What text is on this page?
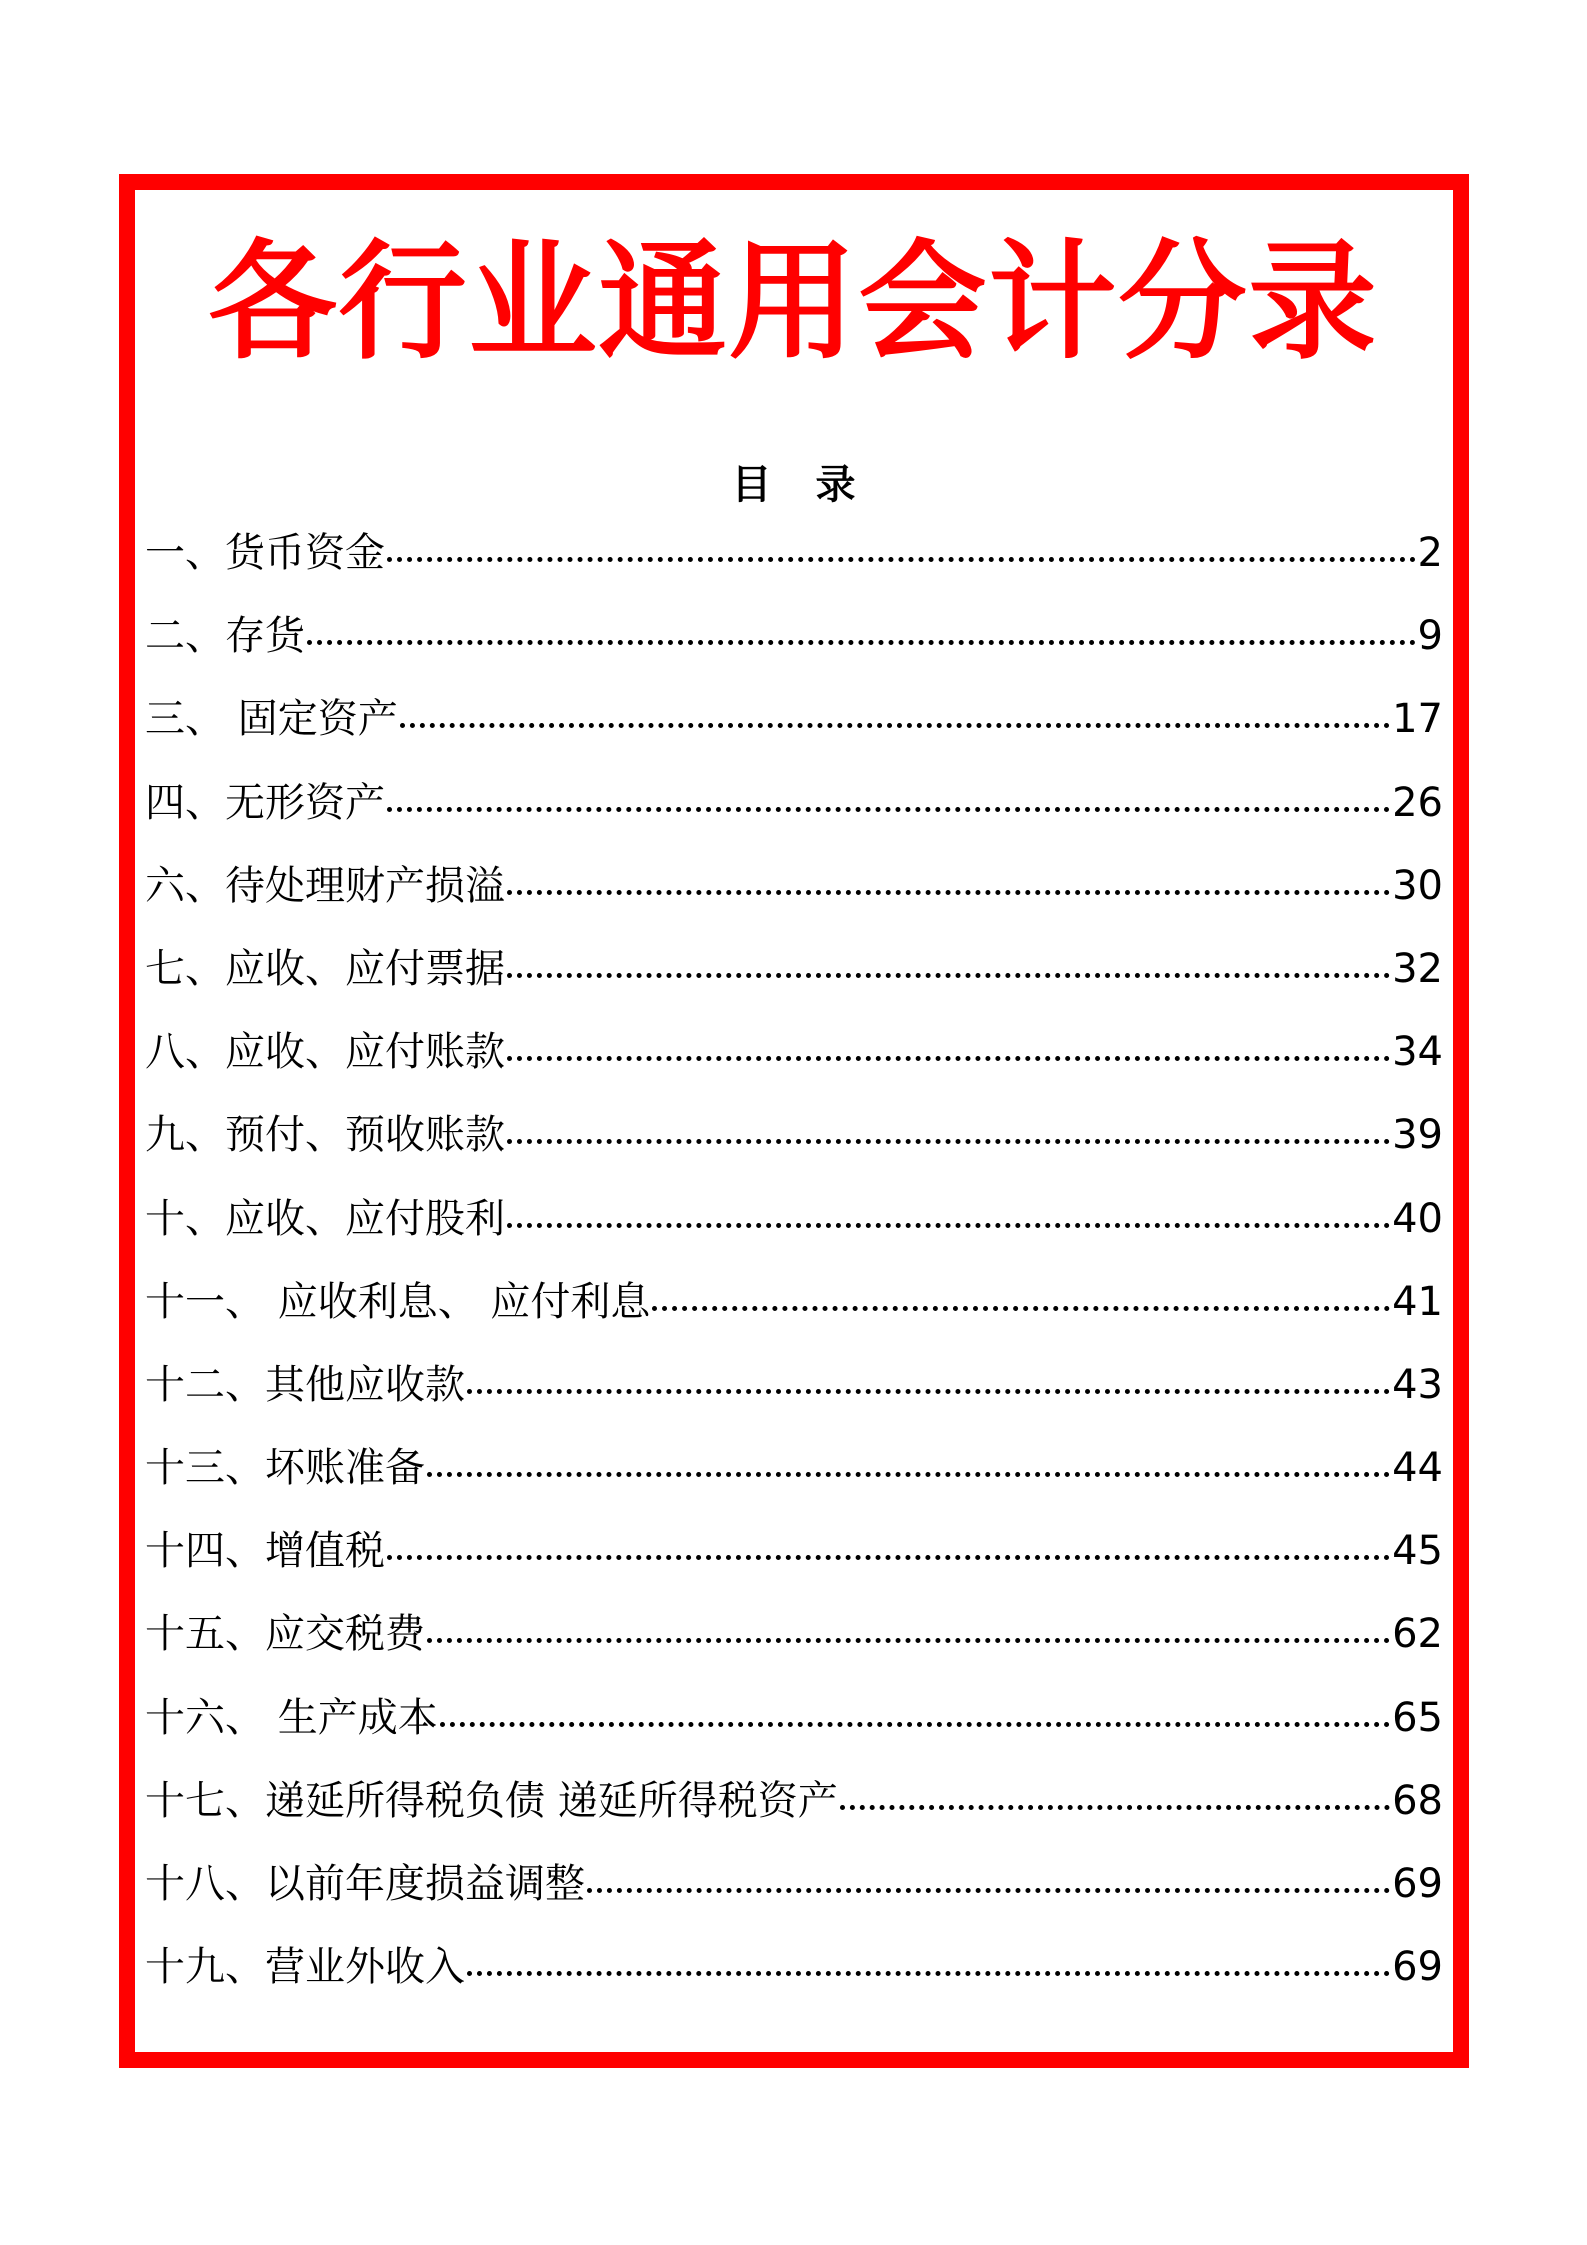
各行业通用会计分录
目 录
一、货币资金	2
二、存货	9
三、 固定资产	17
四、无形资产	26
六、待处理财产损溢	30
七、应收、应付票据	32
八、应收、应付账款	34
九、预付、预收账款	39
十、应收、应付股利	40
十一、 应收利息、 应付利息	41
十二、其他应收款	43
十三、坏账准备	44
十四、增值税	45
十五、应交税费	62
十六、 生产成本	65
十七、递延所得税负债 递延所得税资产	68
十八、以前年度损益调整	69
十九、营业外收入	69
